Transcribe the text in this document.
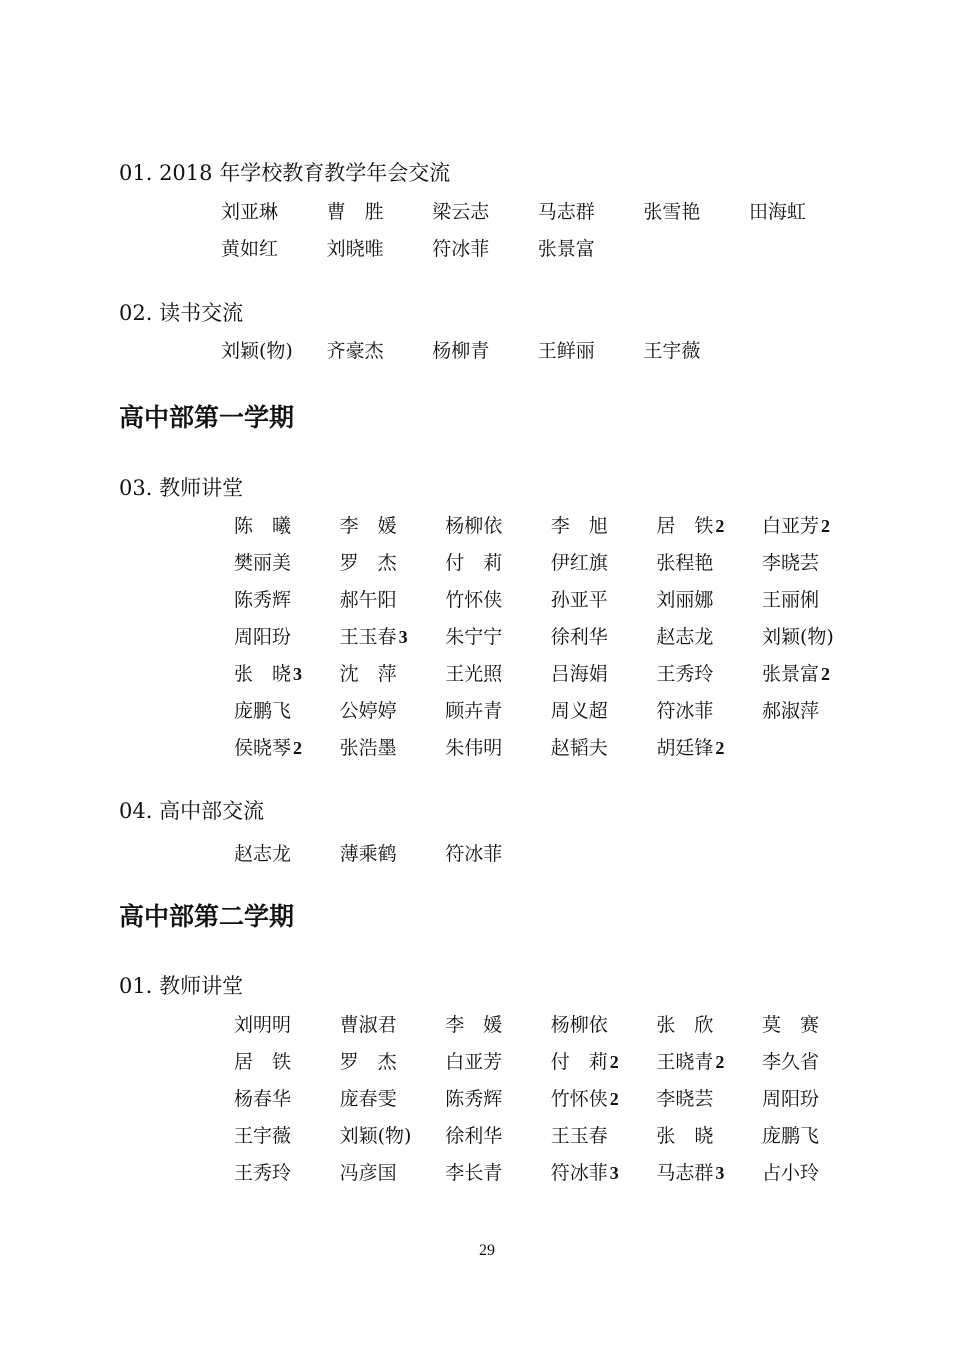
01. 2018 年学校教育教学年会交流
刘亚琳	曹　胜	梁云志	马志群	张雪艳	田海虹
黄如红	刘晓唯	符冰菲	张景富
02. 读书交流
刘颖(物)	齐豪杰	杨柳青	王鲜丽	王宇薇
高中部第一学期
03. 教师讲堂
陈　曦	李　媛	杨柳依	李　旭	居　铁 2	白亚芳 2
樊丽美	罗　杰	付　莉	伊红旗	张程艳	李晓芸
陈秀辉	郝午阳	竹怀侠	孙亚平	刘丽娜	王丽俐
周阳玢	王玉春 3	朱宁宁	徐利华	赵志龙	刘颖(物)
张　晓 3	沈　萍	王光照	吕海娟	王秀玲	张景富 2
庞鹏飞	公婷婷	顾卉青	周义超	符冰菲	郝淑萍
侯晓琴 2	张浩墨	朱伟明	赵韬夫	胡廷锋 2
04. 高中部交流
赵志龙	薄乘鹤	符冰菲
高中部第二学期
01. 教师讲堂
刘明明	曹淑君	李　媛	杨柳依	张　欣	莫　赛
居　铁	罗　杰	白亚芳	付　莉 2	王晓青 2	李久省
杨春华	庞春雯	陈秀辉	竹怀侠 2	李晓芸	周阳玢
王宇薇	刘颖(物)	徐利华	王玉春	张　晓	庞鹏飞
王秀玲	冯彦国	李长青	符冰菲 3	马志群 3	占小玲
29
